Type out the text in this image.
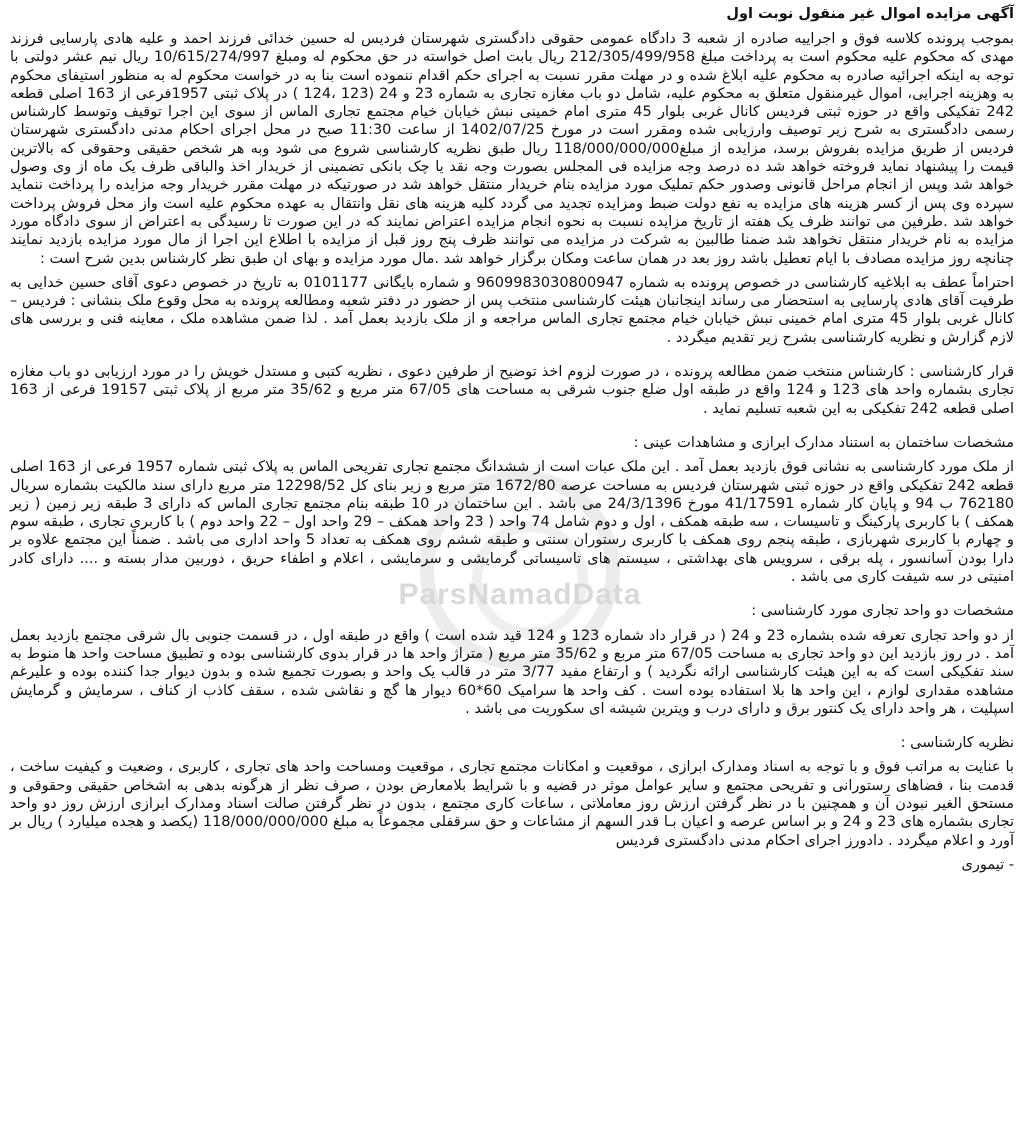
ParsNamadData

آگهی مزایده اموال غیر منقول نوبت اول

بموجب پرونده کلاسه فوق و اجراییه صادره از شعبه 3 دادگاه عمومی حقوقی دادگستری شهرستان فردیس له حسین خدائی فرزند احمد و علیه هادی پارسایی فرزند مهدی که محکوم علیه محکوم است به پرداخت مبلغ 212/305/499/958 ریال بابت اصل خواسته در حق محکوم له ومبلغ 10/615/274/997 ریال نیم عشر دولتی با توجه به اینکه اجرائیه صادره به محکوم علیه ابلاغ شده و در مهلت مقرر نسبت به اجرای حکم اقدام ننموده است بنا به در خواست محکوم له به منظور استیفای محکوم به وهزینه اجرایی، اموال غیرمنقول متعلق به محکوم علیه، شامل دو باب مغازه تجاری به شماره 23 و 24 (123 ،124 ) در پلاک ثبتی 1957فرعی از 163 اصلی قطعه 242 تفکیکی واقع در حوزه ثبتی فردیس کانال غربی بلوار 45 متری امام خمینی نبش خیابان خیام مجتمع تجاری الماس از سوی این اجرا توقیف وتوسط کارشناس رسمی دادگستری به شرح زیر توصیف وارزیابی شده ومقرر است در مورخ 1402/07/25 از ساعت 11:30 صبح در محل اجرای احکام مدنی دادگستری شهرستان فردیس از طریق مزایده بفروش برسد، مزایده از مبلغ118/000/000/000 ریال طبق نظریه کارشناسی شروع می شود وبه هر شخص حقیقی وحقوقی که بالاترین قیمت را پیشنهاد نماید فروخته خواهد شد ده درصد وجه مزایده فی المجلس بصورت وجه نقد یا چک بانکی تضمینی از خریدار اخذ والباقی ظرف یک ماه از وی وصول خواهد شد وپس از انجام مراحل قانونی وصدور حکم تملیک مورد مزایده بنام خریدار منتقل خواهد شد در صورتیکه در مهلت مقرر خریدار وجه مزایده را پرداخت ننماید سپرده وی پس از کسر هزینه های مزایده به نفع دولت ضبط ومزایده تجدید می گردد کلیه هزینه های نقل وانتقال به عهده محکوم علیه است واز محل فروش پرداخت خواهد شد .طرفین می توانند ظرف یک هفته از تاریخ مزایده نسبت به نحوه انجام مزایده اعتراض نمایند که در این صورت تا رسیدگی به اعتراض از سوی دادگاه مورد مزایده به نام خریدار منتقل نخواهد شد ضمنا طالبین به شرکت در مزایده می توانند ظرف پنج روز قبل از مزایده با اطلاع این اجرا از مال مورد مزایده بازدید نمایند چنانچه روز مزایده مصادف با ایام تعطیل باشد روز بعد در همان ساعت ومکان برگزار خواهد شد .مال مورد مزایده و بهای ان طبق نظر کارشناس بدین شرح است :

احتراماً عطف به ابلاغیه کارشناسی در خصوص پرونده به شماره 9609983030800947 و شماره بایگانی 0101177 به تاریخ در خصوص دعوی آقای حسین خدایی به طرفیت آقای هادی پارسایی به استحضار می رساند اینجانبان هیئت کارشناسی منتخب پس از حضور در دفتر شعبه ومطالعه پرونده به محل وقوع ملک بنشانی : فردیس – کانال غربی بلوار 45 متری امام خمینی نبش خیابان خیام مجتمع تجاری الماس مراجعه و از ملک بازدید بعمل آمد . لذا ضمن مشاهده ملک ، معاینه فنی و بررسی های لازم گزارش و نظریه کارشناسی بشرح زیر تقدیم میگردد .

قرار کارشناسی : کارشناس منتخب ضمن مطالعه پرونده ، در صورت لزوم اخذ توضیح از طرفین دعوی ، نظریه کتبی و مستدل خویش را در مورد ارزیابی دو باب مغازه تجاری بشماره واحد های 123 و 124 واقع در طبقه اول ضلع جنوب شرقی به مساحت های 67/05 متر مربع و 35/62 متر مربع از پلاک ثبتی 19157 فرعی از 163 اصلی قطعه 242 تفکیکی به این شعبه تسلیم نماید .

مشخصات ساختمان به استناد مدارک ابرازی و مشاهدات عینی :

از ملک مورد کارشناسی به نشانی فوق بازدید بعمل آمد . این ملک عبات است از ششدانگ مجتمع تجاری تفریحی الماس به پلاک ثبتی شماره 1957 فرعی از 163 اصلی قطعه 242 تفکیکی واقع در حوزه ثبتی شهرستان فردیس به مساحت عرصه 1672/80 متر مربع و زیر بنای کل 12298/52 متر مربع دارای سند مالکیت بشماره سریال 762180 ب 94 و پایان کار شماره 41/17591 مورخ 24/3/1396 می باشد . این ساختمان در 10 طبقه بنام مجتمع تجاری الماس که دارای 3 طبقه زیر زمین ( زیر همکف ) با کاربری پارکینگ و تاسیسات ، سه طبقه همکف ، اول و دوم شامل 74 واحد ( 23 واحد همکف – 29 واحد اول – 22 واحد دوم ) با کاربری تجاری ، طبقه سوم و چهارم با کاربری شهربازی ، طبقه پنجم روی همکف با کاربری رستوران سنتی و طبقه ششم روی همکف به تعداد 5 واحد اداری می باشد . ضمناً این مجتمع علاوه بر دارا بودن آسانسور ، پله برقی ، سرویس های بهداشتی ، سیستم های تاسیساتی گرمایشی و سرمایشی ، اعلام و اطفاء حریق ، دوربین مدار بسته و .... دارای کادر امنیتی در سه شیفت کاری می باشد .

مشخصات دو واحد تجاری مورد کارشناسی :

از دو واحد تجاری تعرفه شده بشماره 23 و 24 ( در قرار داد شماره 123 و 124 قید شده است ) واقع در طبقه اول ، در قسمت جنوبی بال شرقی مجتمع بازدید بعمل آمد . در روز بازدید این دو واحد تجاری به مساحت 67/05 متر مربع و 35/62 متر مربع ( متراژ واحد ها در قرار بدوی کارشناسی بوده و تطبیق مساحت واحد ها منوط به سند تفکیکی است که به این هیئت کارشناسی ارائه نگردید ) و ارتفاع مفید 3/77 متر در قالب یک واحد و بصورت تجمیع شده و بدون دیوار جدا کننده بوده و علیرغم مشاهده مقداری لوازم ، این واحد ها بلا استفاده بوده است . کف واحد ها سرامیک 60*60 دیوار ها گچ و نقاشی شده ، سقف کاذب از کناف ، سرمایش و گرمایش اسپلیت ، هر واحد دارای یک کنتور برق و دارای درب و ویترین شیشه ای سکوریت می باشد .

نظریه کارشناسی :

با عنایت به مراتب فوق و با توجه به اسناد ومدارک ابرازی ، موقعیت و امکانات مجتمع تجاری ، موقعیت ومساحت واحد های تجاری ، کاربری ، وضعیت و کیفیت ساخت ، قدمت بنا ، فضاهای رستورانی و تفریحی مجتمع و سایر عوامل موثر در قضیه و با شرایط بلامعارض بودن ، صرف نظر از هرگونه بدهی به اشخاص حقیقی وحقوقی و مستحق الغیر نبودن آن و همچنین با در نظر گرفتن ارزش روز معاملاتی ، ساعات کاری مجتمع ، بدون در نظر گرفتن صالت اسناد ومدارک ابرازی ارزش روز دو واحد تجاری بشماره های 23 و 24 و بر اساس عرصه و اعیان بـا قدر السهم از مشاعات و حق سرقفلی مجموعاً به مبلغ 118/000/000/000 (یکصد و هجده میلیارد ) ریال بر آورد و اعلام میگردد . دادورز اجرای احکام مدنی دادگستری فردیس

- تیموری
